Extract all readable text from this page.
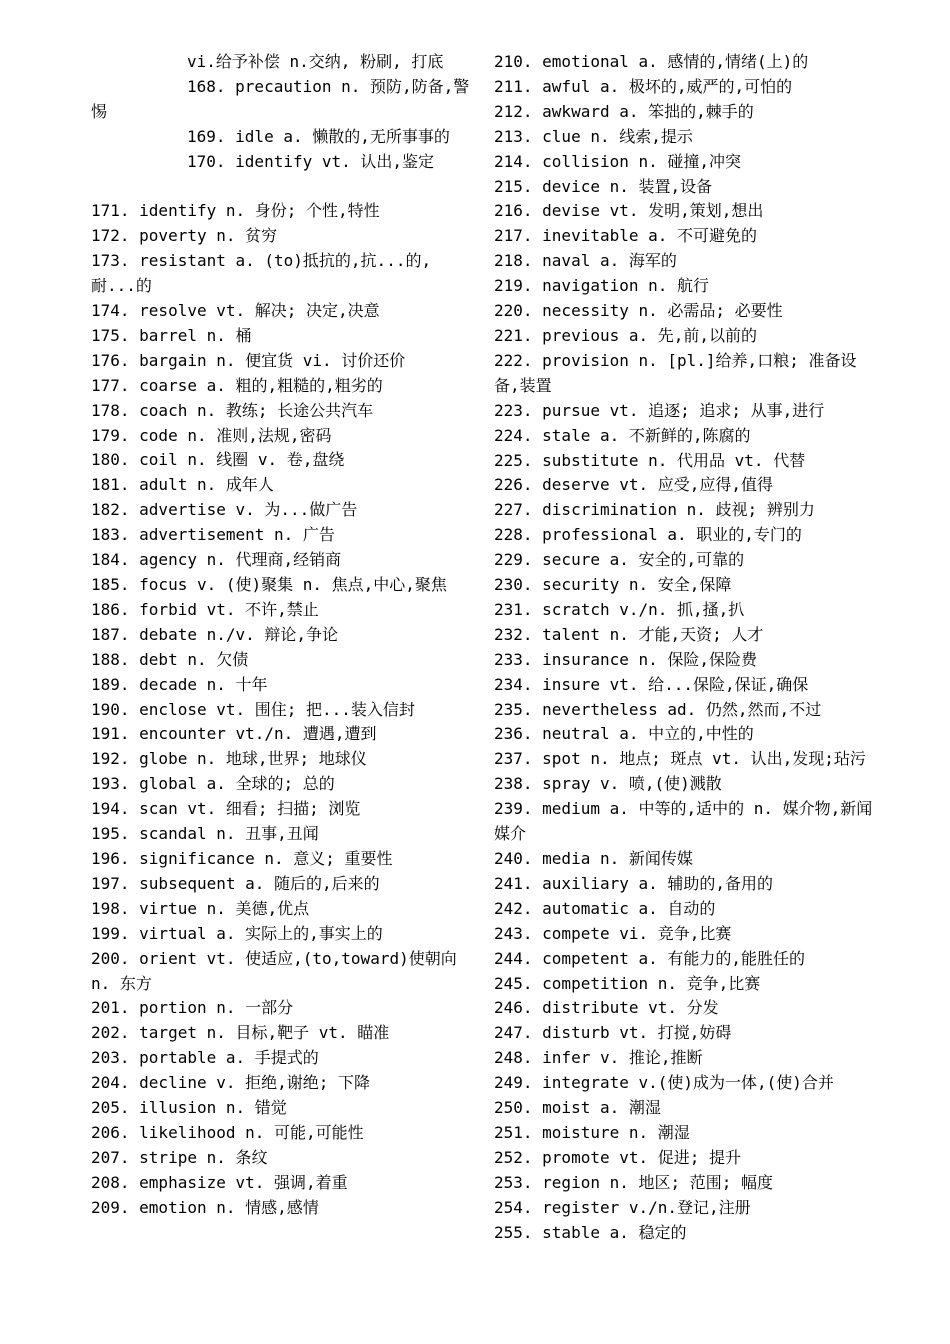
vi.给予补偿 n.交纳, 粉刷, 打底
168. precaution n. 预防,防备,警惕
169. idle a. 懒散的,无所事事的
170. identify vt. 认出,鉴定
171. identify n. 身份; 个性,特性
172. poverty n. 贫穷
173. resistant a. (to)抵抗的,抗...的,耐...的
174. resolve vt. 解决; 决定,决意
175. barrel n. 桶
176. bargain n. 便宜货 vi. 讨价还价
177. coarse a. 粗的,粗糙的,粗劣的
178. coach n. 教练; 长途公共汽车
179. code n. 准则,法规,密码
180. coil n. 线圈 v. 卷,盘绕
181. adult n. 成年人
182. advertise v. 为...做广告
183. advertisement n. 广告
184. agency n. 代理商,经销商
185. focus v. (使)聚集 n. 焦点,中心,聚焦
186. forbid vt. 不许,禁止
187. debate n./v. 辩论,争论
188. debt n. 欠债
189. decade n. 十年
190. enclose vt. 围住; 把...装入信封
191. encounter vt./n. 遭遇,遭到
192. globe n. 地球,世界; 地球仪
193. global a. 全球的; 总的
194. scan vt. 细看; 扫描; 浏览
195. scandal n. 丑事,丑闻
196. significance n. 意义; 重要性
197. subsequent a. 随后的,后来的
198. virtue n. 美德,优点
199. virtual a. 实际上的,事实上的
200. orient vt. 使适应,(to,toward)使朝向 n. 东方
201. portion n. 一部分
202. target n. 目标,靶子 vt. 瞄准
203. portable a. 手提式的
204. decline v. 拒绝,谢绝; 下降
205. illusion n. 错觉
206. likelihood n. 可能,可能性
207. stripe n. 条纹
208. emphasize vt. 强调,着重
209. emotion n. 情感,感情
210. emotional a. 感情的,情绪(上)的
211. awful a. 极坏的,威严的,可怕的
212. awkward a. 笨拙的,棘手的
213. clue n. 线索,提示
214. collision n. 碰撞,冲突
215. device n. 装置,设备
216. devise vt. 发明,策划,想出
217. inevitable a. 不可避免的
218. naval a. 海军的
219. navigation n. 航行
220. necessity n. 必需品; 必要性
221. previous a. 先,前,以前的
222. provision n. [pl.]给养,口粮; 准备设备,装置
223. pursue vt. 追逐; 追求; 从事,进行
224. stale a. 不新鲜的,陈腐的
225. substitute n. 代用品 vt. 代替
226. deserve vt. 应受,应得,值得
227. discrimination n. 歧视; 辨别力
228. professional a. 职业的,专门的
229. secure a. 安全的,可靠的
230. security n. 安全,保障
231. scratch v./n. 抓,搔,扒
232. talent n. 才能,天资; 人才
233. insurance n. 保险,保险费
234. insure vt. 给...保险,保证,确保
235. nevertheless ad. 仍然,然而,不过
236. neutral a. 中立的,中性的
237. spot n. 地点; 斑点 vt. 认出,发现;玷污
238. spray v. 喷,(使)溅散
239. medium a. 中等的,适中的 n. 媒介物,新闻媒介
240. media n. 新闻传媒
241. auxiliary a. 辅助的,备用的
242. automatic a. 自动的
243. compete vi. 竞争,比赛
244. competent a. 有能力的,能胜任的
245. competition n. 竞争,比赛
246. distribute vt. 分发
247. disturb vt. 打搅,妨碍
248. infer v. 推论,推断
249. integrate v.(使)成为一体,(使)合并
250. moist a. 潮湿
251. moisture n. 潮湿
252. promote vt. 促进; 提升
253. region n. 地区; 范围; 幅度
254. register v./n.登记,注册
255. stable a. 稳定的
